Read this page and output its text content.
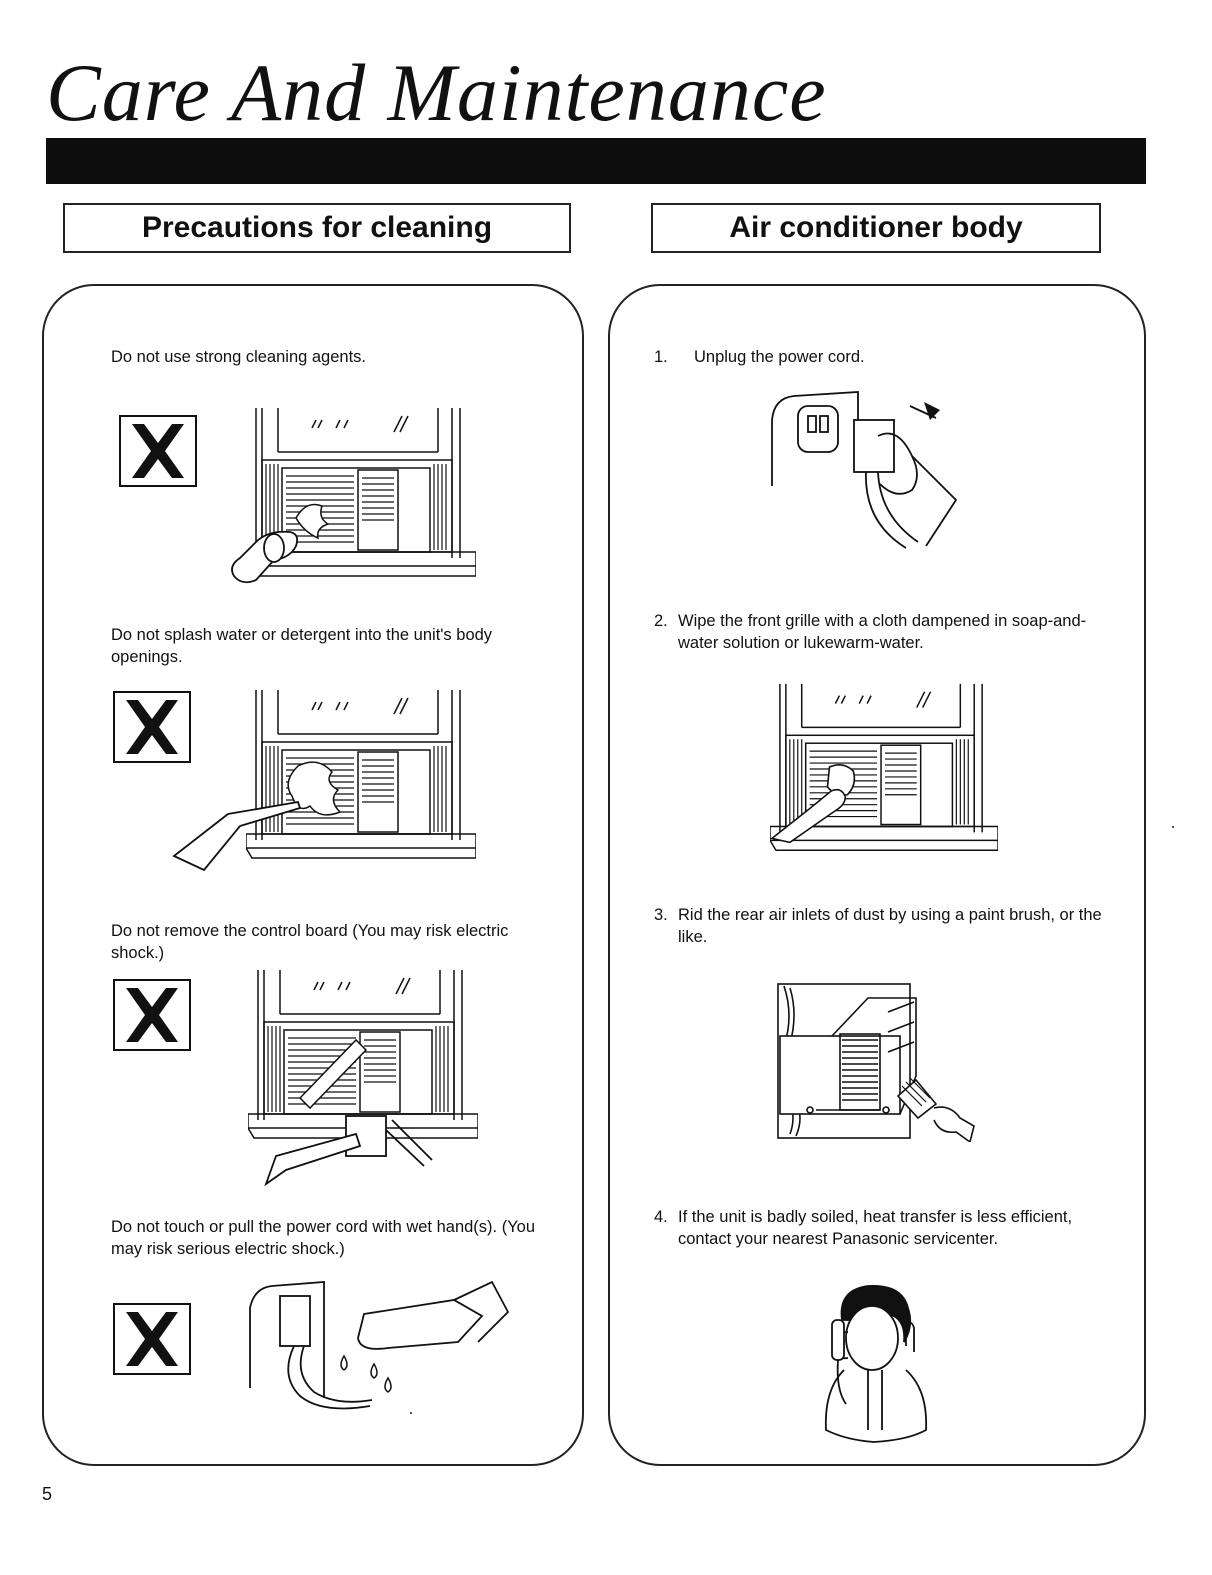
Care And Maintenance
Precautions for cleaning	Air conditioner body

Do not use strong cleaning agents.

Do not splash water or detergent into the unit's body openings.

Do not remove the control board (You may risk electric shock.)

Do not touch or pull the power cord with wet hand(s). (You may risk serious electric shock.)

1.	Unplug the power cord.
2. Wipe the front grille with a cloth dampened in soap-and-water solution or lukewarm-water.
3. Rid the rear air inlets of dust by using a paint brush, or the like.
4. If the unit is badly soiled, heat transfer is less efficient, contact your nearest Panasonic servicenter.
5
